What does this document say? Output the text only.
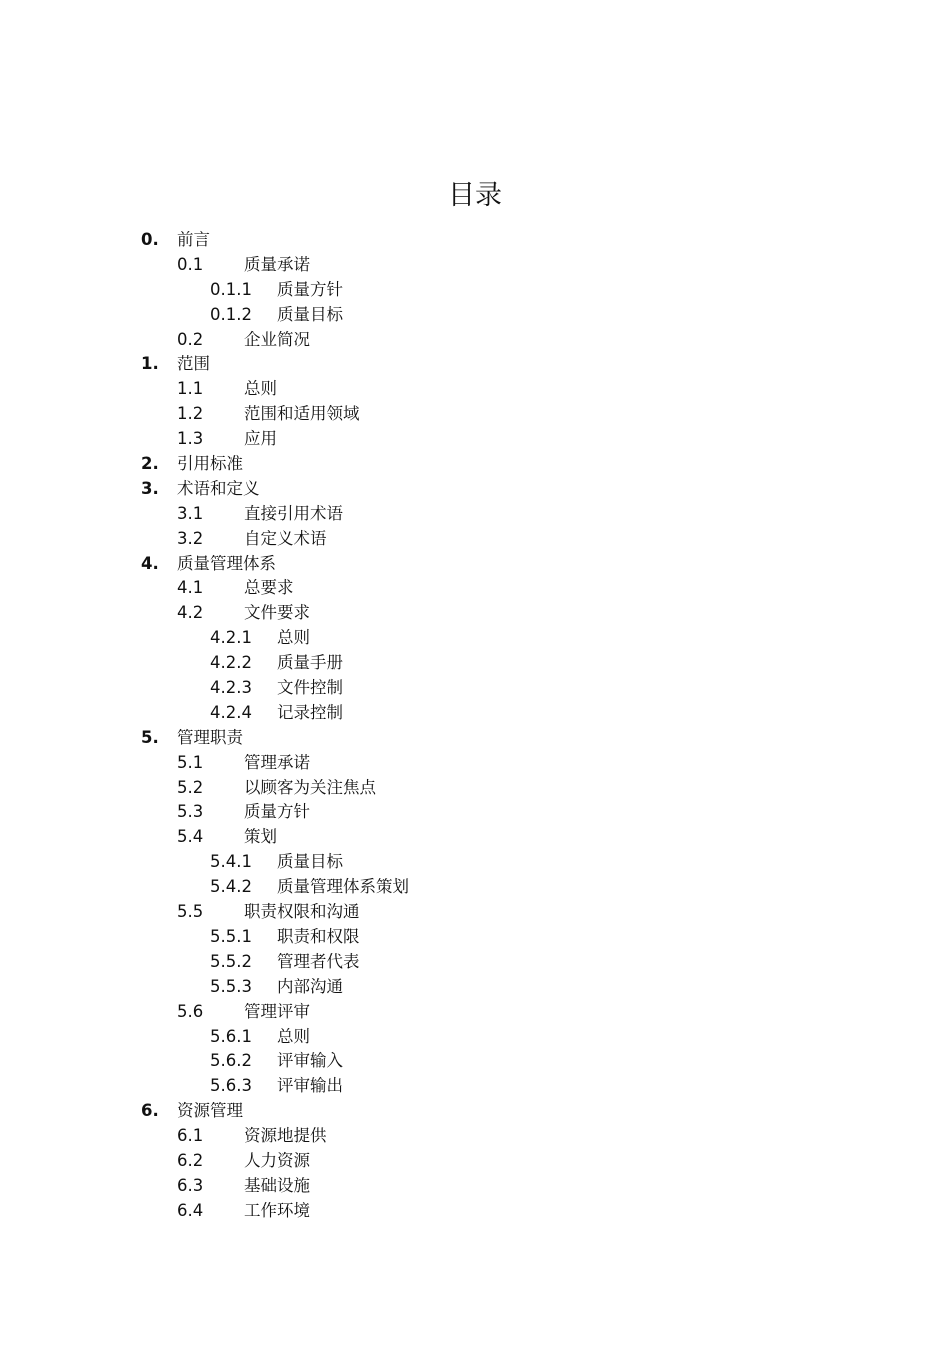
目录
0. 前言
0.1 质量承诺
0.1.1 质量方针
0.1.2 质量目标
0.2 企业简况
1. 范围
1.1 总则
1.2 范围和适用领域
1.3 应用
2. 引用标准
3. 术语和定义
3.1 直接引用术语
3.2 自定义术语
4. 质量管理体系
4.1 总要求
4.2 文件要求
4.2.1 总则
4.2.2 质量手册
4.2.3 文件控制
4.2.4 记录控制
5. 管理职责
5.1 管理承诺
5.2 以顾客为关注焦点
5.3 质量方针
5.4 策划
5.4.1 质量目标
5.4.2 质量管理体系策划
5.5 职责权限和沟通
5.5.1 职责和权限
5.5.2 管理者代表
5.5.3 内部沟通
5.6 管理评审
5.6.1 总则
5.6.2 评审输入
5.6.3 评审输出
6. 资源管理
6.1 资源地提供
6.2 人力资源
6.3 基础设施
6.4 工作环境
